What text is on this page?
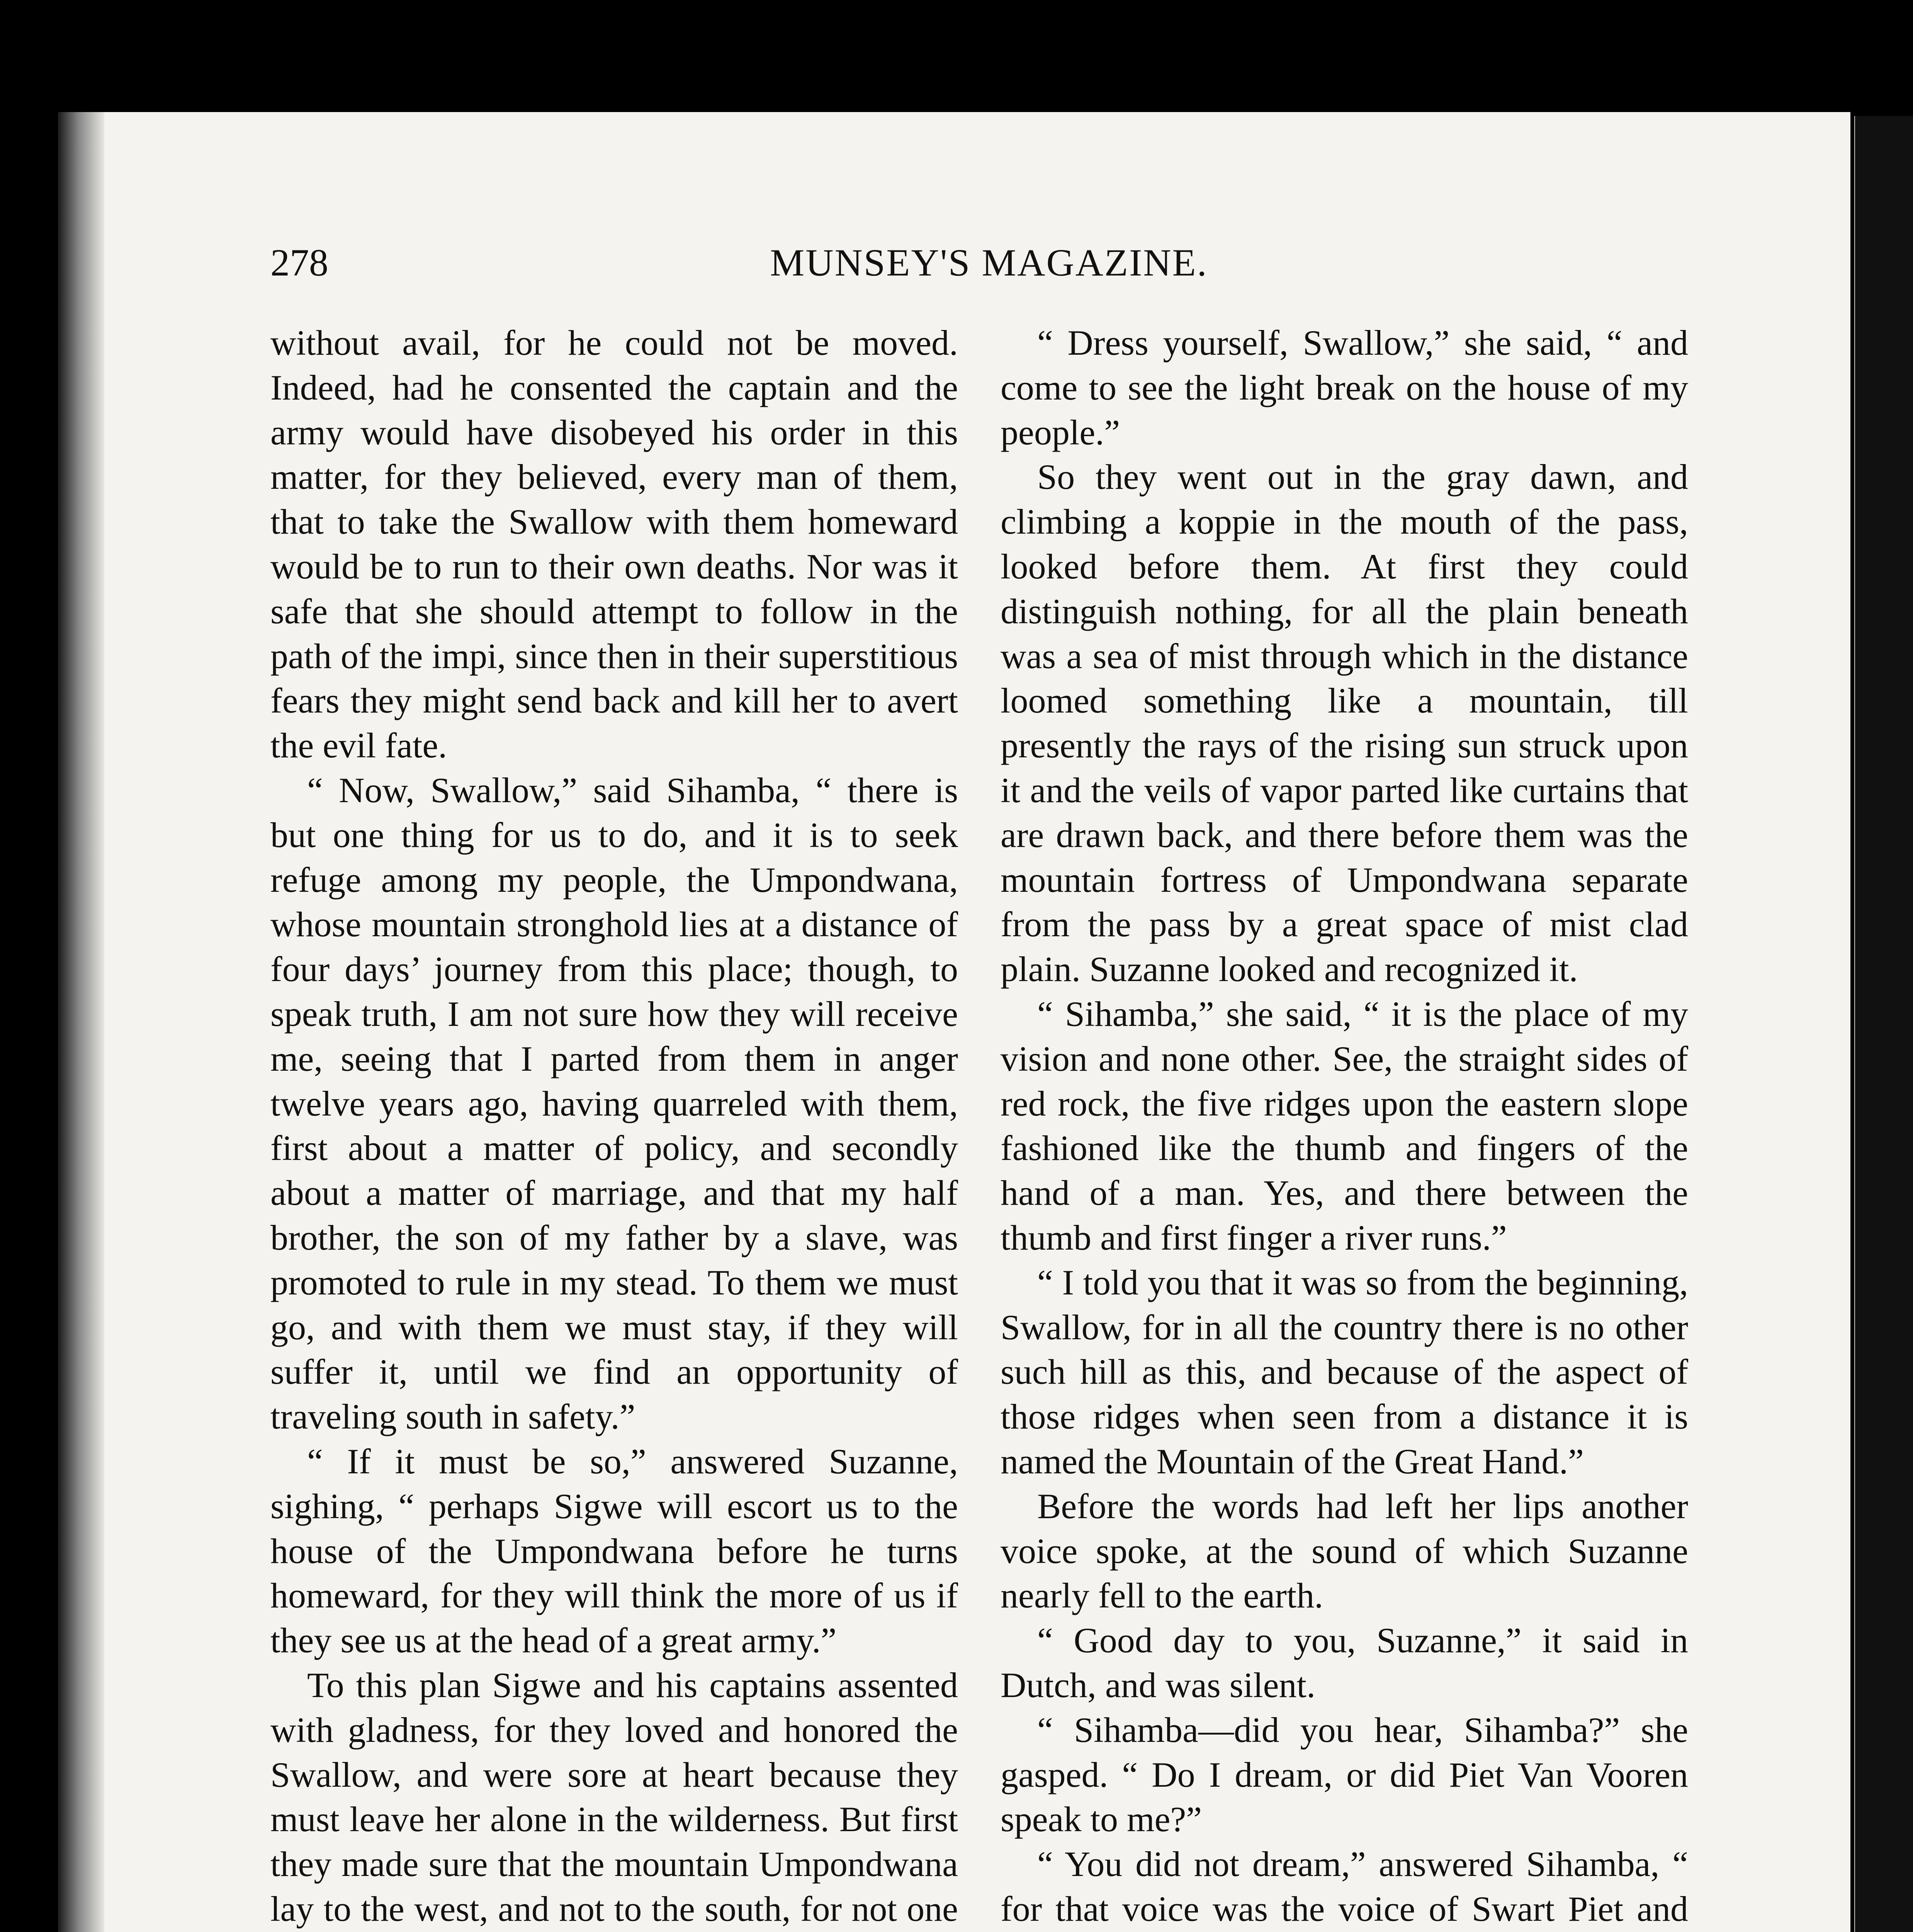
278	MUNSEY'S MAGAZINE.

without avail, for he could not be moved. Indeed, had he consented the captain and the army would have disobeyed his order in this matter, for they believed, every man of them, that to take the Swallow with them homeward would be to run to their own deaths. Nor was it safe that she should attempt to follow in the path of the impi, since then in their superstitious fears they might send back and kill her to avert the evil fate.

“ Now, Swallow,” said Sihamba, “ there is but one thing for us to do, and it is to seek refuge among my people, the Umpondwana, whose mountain stronghold lies at a distance of four days’ journey from this place; though, to speak truth, I am not sure how they will receive me, seeing that I parted from them in anger twelve years ago, having quarreled with them, first about a matter of policy, and secondly about a matter of marriage, and that my half brother, the son of my father by a slave, was promoted to rule in my stead. To them we must go, and with them we must stay, if they will suffer it, until we find an opportunity of traveling south in safety.”

“ If it must be so,” answered Suzanne, sighing, “ perhaps Sigwe will escort us to the house of the Umpondwana before he turns homeward, for they will think the more of us if they see us at the head of a great army.”

To this plan Sigwe and his captains assented with gladness, for they loved and honored the Swallow, and were sore at heart because they must leave her alone in the wilderness. But first they made sure that the mountain Umpondwana lay to the west, and not to the south, for not one

“ Dress yourself, Swallow,” she said, “ and come to see the light break on the house of my people.”

So they went out in the gray dawn, and climbing a koppie in the mouth of the pass, looked before them. At first they could distinguish nothing, for all the plain beneath was a sea of mist through which in the distance loomed something like a mountain, till presently the rays of the rising sun struck upon it and the veils of vapor parted like curtains that are drawn back, and there before them was the mountain fortress of Umpondwana separate from the pass by a great space of mist clad plain. Suzanne looked and recognized it.

“ Sihamba,” she said, “ it is the place of my vision and none other. See, the straight sides of red rock, the five ridges upon the eastern slope fashioned like the thumb and fingers of the hand of a man. Yes, and there between the thumb and first finger a river runs.”

“ I told you that it was so from the beginning, Swallow, for in all the country there is no other such hill as this, and because of the aspect of those ridges when seen from a distance it is named the Mountain of the Great Hand.”

Before the words had left her lips another voice spoke, at the sound of which Suzanne nearly fell to the earth.

“ Good day to you, Suzanne,” it said in Dutch, and was silent.

“ Sihamba—did you hear, Sihamba?” she gasped. “ Do I dream, or did Piet Van Vooren speak to me?”

“ You did not dream,” answered Sihamba, “ for that voice was the voice of Swart Piet and
